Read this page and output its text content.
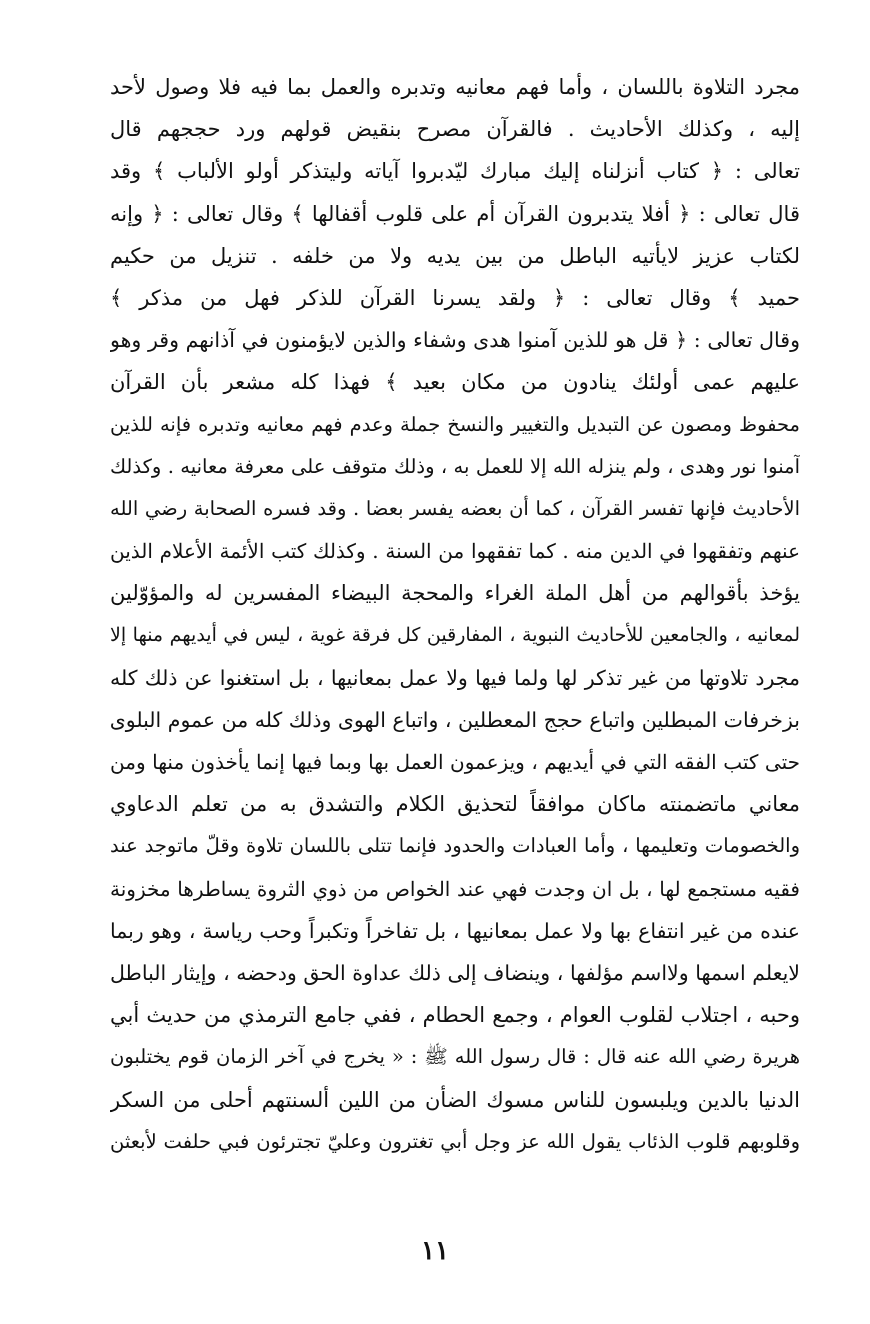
مجرد التلاوة باللسان ، وأما فهم معانيه وتدبره والعمل بما فيه فلا وصول لأحد
إليه ، وكذلك الأحاديث . فالقرآن مصرح بنقيض قولهم ورد حججهم قال
تعالى : ﴿ كتاب أنزلناه إليك مبارك ليّدبروا آياته وليتذكر أولو الألباب ﴾ وقد
قال تعالى : ﴿ أفلا يتدبرون القرآن أم على قلوب أقفالها ﴾ وقال تعالى : ﴿ وإنه
لكتاب عزيز لايأتيه الباطل من بين يديه ولا من خلفه . تنزيل من حكيم
حميد ﴾ وقال تعالى : ﴿ ولقد يسرنا القرآن للذكر فهل من مذكر ﴾
وقال تعالى : ﴿ قل هو للذين آمنوا هدى وشفاء والذين لايؤمنون في آذانهم وقر وهو
عليهم عمى أولئك ينادون من مكان بعيد ﴾ فهذا كله مشعر بأن القرآن
محفوظ ومصون عن التبديل والتغيير والنسخ جملة وعدم فهم معانيه وتدبره فإنه للذين
آمنوا نور وهدى ، ولم ينزله الله إلا للعمل به ، وذلك متوقف على معرفة معانيه . وكذلك
الأحاديث فإنها تفسر القرآن ، كما أن بعضه يفسر بعضا . وقد فسره الصحابة رضي الله
عنهم وتفقهوا في الدين منه . كما تفقهوا من السنة . وكذلك كتب الأئمة الأعلام الذين
يؤخذ بأقوالهم من أهل الملة الغراء والمحجة البيضاء المفسرين له والمؤوّلين
لمعانيه ، والجامعين للأحاديث النبوية ، المفارقين كل فرقة غوية ، ليس في أيديهم منها إلا
مجرد تلاوتها من غير تذكر لها ولما فيها ولا عمل بمعانيها ، بل استغنوا عن ذلك كله
بزخرفات المبطلين واتباع حجج المعطلين ، واتباع الهوى وذلك كله من عموم البلوى
حتى كتب الفقه التي في أيديهم ، ويزعمون العمل بها وبما فيها إنما يأخذون منها ومن
معاني ماتضمنته ماكان موافقاً لتحذيق الكلام والتشدق به من تعلم الدعاوي
والخصومات وتعليمها ، وأما العبادات والحدود فإنما تتلى باللسان تلاوة وقلّ ماتوجد عند
فقيه مستجمع لها ، بل ان وجدت فهي عند الخواص من ذوي الثروة يساطرها مخزونة
عنده من غير انتفاع بها ولا عمل بمعانيها ، بل تفاخراً وتكبراً وحب رياسة ، وهو ربما
لايعلم اسمها ولااسم مؤلفها ، وينضاف إلى ذلك عداوة الحق ودحضه ، وإيثار الباطل
وحبه ، اجتلاب لقلوب العوام ، وجمع الحطام ، ففي جامع الترمذي من حديث أبي
هريرة رضي الله عنه قال : قال رسول الله ﷺ : « يخرج في آخر الزمان قوم يختلبون
الدنيا بالدين ويلبسون للناس مسوك الضأن من اللين ألسنتهم أحلى من السكر
وقلوبهم قلوب الذئاب يقول الله عز وجل أبي تغترون وعليّ تجترئون فبي حلفت لأبعثن
١١
